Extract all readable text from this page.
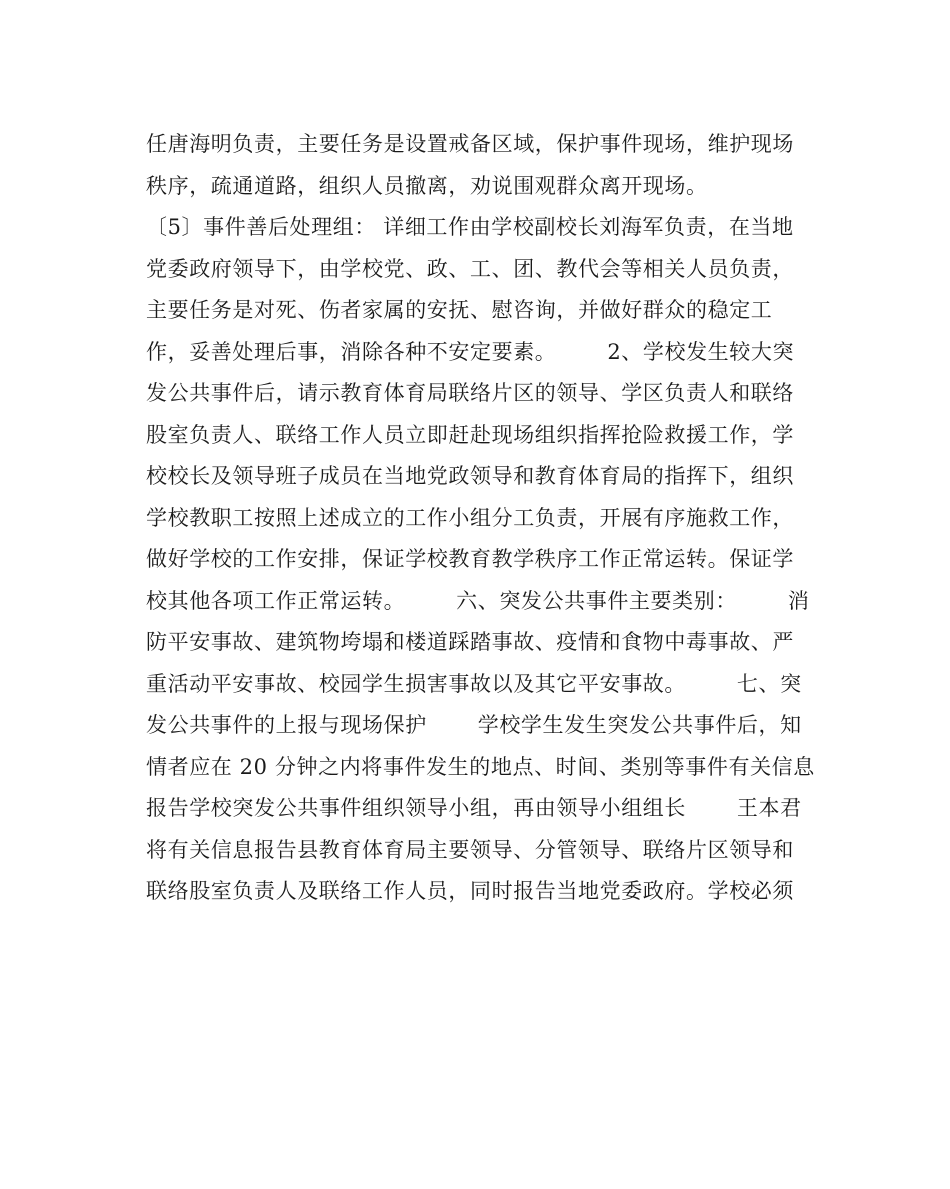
任唐海明负责，主要任务是设置戒备区域，保护事件现场，维护现场
秩序，疏通道路，组织人员撤离，劝说围观群众离开现场。
〔5〕事件善后处理组： 详细工作由学校副校长刘海军负责，在当地
党委政府领导下，由学校党、政、工、团、教代会等相关人员负责，
主要任务是对死、伤者家属的安抚、慰咨询，并做好群众的稳定工
作，妥善处理后事，消除各种不安定要素。       2、学校发生较大突
发公共事件后，请示教育体育局联络片区的领导、学区负责人和联络
股室负责人、联络工作人员立即赶赴现场组织指挥抢险救援工作，学
校校长及领导班子成员在当地党政领导和教育体育局的指挥下，组织
学校教职工按照上述成立的工作小组分工负责，开展有序施救工作，
做好学校的工作安排，保证学校教育教学秩序工作正常运转。保证学
校其他各项工作正常运转。       六、突发公共事件主要类别：       消
防平安事故、建筑物垮塌和楼道踩踏事故、疫情和食物中毒事故、严
重活动平安事故、校园学生损害事故以及其它平安事故。       七、突
发公共事件的上报与现场保护       学校学生发生突发公共事件后，知
情者应在 20 分钟之内将事件发生的地点、时间、类别等事件有关信息
报告学校突发公共事件组织领导小组，再由领导小组组长       王本君
将有关信息报告县教育体育局主要领导、分管领导、联络片区领导和
联络股室负责人及联络工作人员，同时报告当地党委政府。学校必须
